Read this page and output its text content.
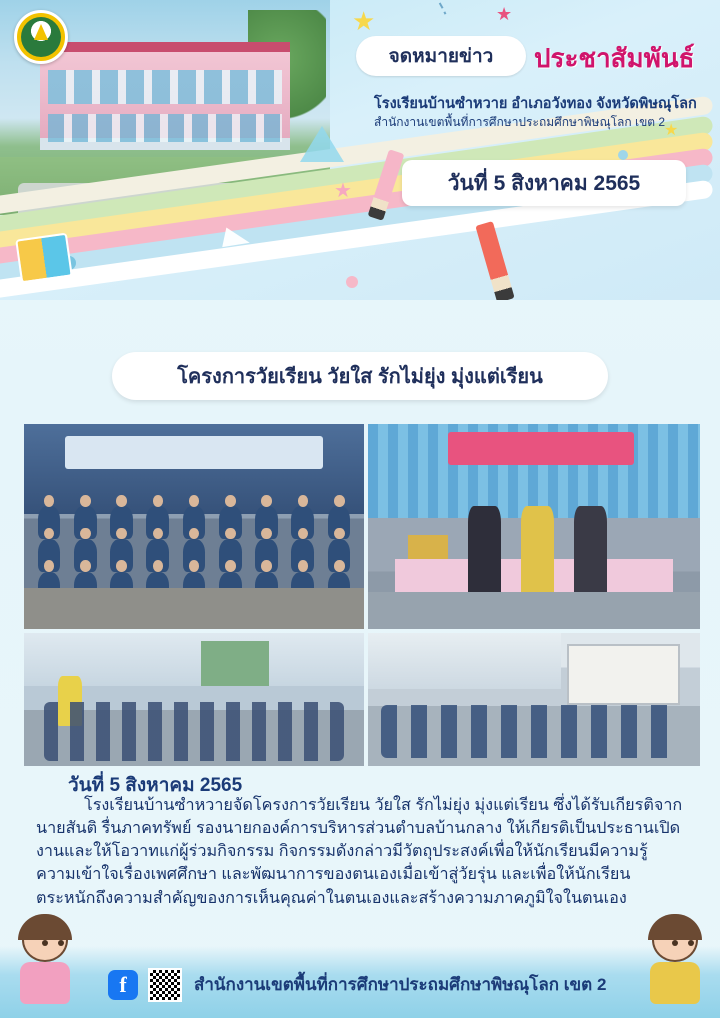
★	★
★
★
จดหมายข่าว ประชาสัมพันธ์
โรงเรียนบ้านซำหวาย อำเภอวังทอง จังหวัดพิษณุโลก
สำนักงานเขตพื้นที่การศึกษาประถมศึกษาพิษณุโลก เขต 2
วันที่ 5 สิงหาคม 2565
โครงการวัยเรียน วัยใส รักไม่ยุ่ง มุ่งแต่เรียน
วันที่ 5 สิงหาคม 2565
โรงเรียนบ้านซำหวายจัดโครงการวัยเรียน วัยใส รักไม่ยุ่ง มุ่งแต่เรียน ซึ่งได้รับเกียรติจากนายสันติ รื่นภาคทรัพย์ รองนายกองค์การบริหารส่วนตำบลบ้านกลาง ให้เกียรติเป็นประธานเปิดงานและให้โอวาทแก่ผู้ร่วมกิจกรรม กิจกรรมดังกล่าวมีวัตถุประสงค์เพื่อให้นักเรียนมีความรู้ความเข้าใจเรื่องเพศศึกษา และพัฒนาการของตนเองเมื่อเข้าสู่วัยรุ่น และเพื่อให้นักเรียนตระหนักถึงความสำคัญของการเห็นคุณค่าในตนเองและสร้างความภาคภูมิใจในตนเอง
f	สำนักงานเขตพื้นที่การศึกษาประถมศึกษาพิษณุโลก เขต 2
